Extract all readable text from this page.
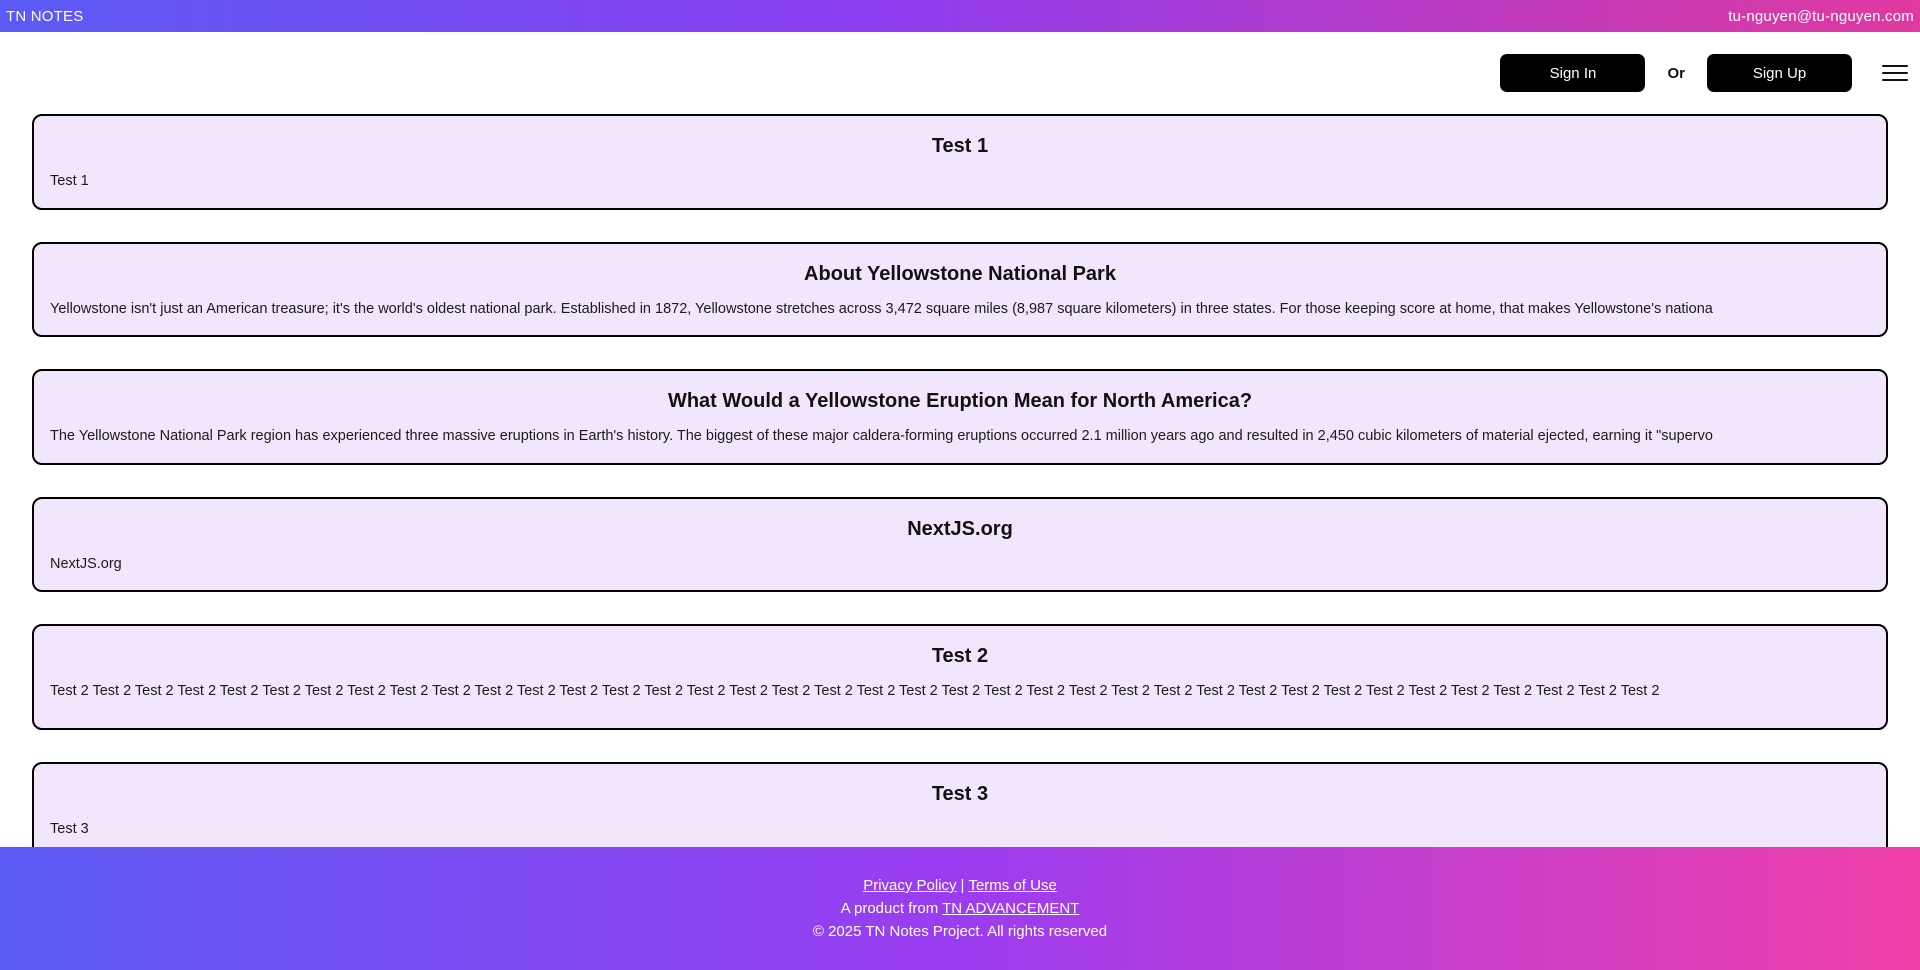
TN NOTES	tu-nguyen@tu-nguyen.com
Sign In	Or	Sign Up
Test 1
Test 1
About Yellowstone National Park
Yellowstone isn't just an American treasure; it's the world's oldest national park. Established in 1872, Yellowstone stretches across 3,472 square miles (8,987 square kilometers) in three states. For those keeping score at home, that makes Yellowstone's nationa
What Would a Yellowstone Eruption Mean for North America?
The Yellowstone National Park region has experienced three massive eruptions in Earth's history. The biggest of these major caldera-forming eruptions occurred 2.1 million years ago and resulted in 2,450 cubic kilometers of material ejected, earning it "supervo
NextJS.org
NextJS.org
Test 2
Test 2 Test 2 Test 2 Test 2 Test 2 Test 2 Test 2 Test 2 Test 2 Test 2 Test 2 Test 2 Test 2 Test 2 Test 2 Test 2 Test 2 Test 2 Test 2 Test 2 Test 2 Test 2 Test 2 Test 2 Test 2 Test 2 Test 2 Test 2 Test 2 Test 2 Test 2 Test 2 Test 2 Test 2 Test 2 Test 2 Test 2 Test 2
Test 3
Test 3
Privacy Policy | Terms of Use
A product from TN ADVANCEMENT
© 2025 TN Notes Project. All rights reserved
